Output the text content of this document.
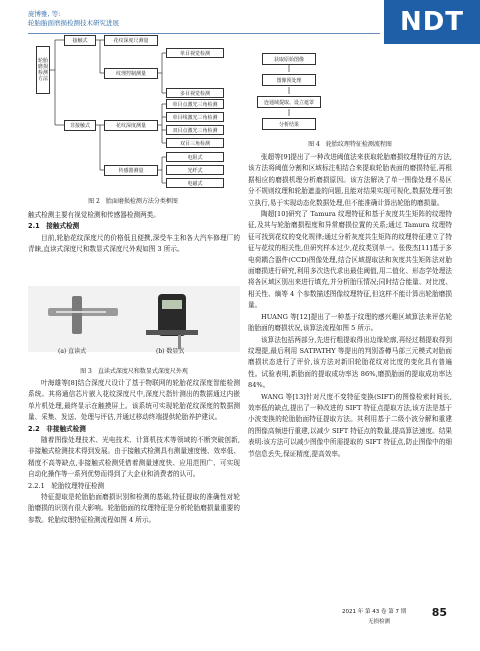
庞博雅, 等:
轮胎胎面磨损检测技术研究进展	NDT
轮胎磨损检测方法
接触式	花纹深度尺测量
纹理控制测量
非接触式	花纹深度测量
传感器测量
单目视觉检测
多目视觉检测
单目点激光三角检测
单目线激光三角检测
双目点激光三角检测
双目三角检测
电阻式
光纤式
电磁式
图 2　胎面磨损检测方法分类框图

触式检测主要有视觉检测和传感器检测两类。

2.1　接触式检测

目前,轮胎花纹深度尺的价格低且便携,深受车主和各大汽车修理厂的青睐,直读式深度尺和数显式深度尺外观如图 3 所示。

(a) 直读式	(b) 数显式
图 3　直读式深度尺和数显式深度尺外观

叶海雄等[8]结合深度尺设计了基于物联网的轮胎花纹深度智能检测系统。其将通信芯片嵌入花纹深度尺中,深度尺指针测出的数据通过内嵌单片机处理,最终显示在触摸屏上。该系统可实现轮胎花纹深度的数据测量、采集、发送、处理与评估,并通过移动终端提供轮胎养护建议。

2.2　非接触式检测

随着图像处理技术、光电技术、计算机技术等领域的不断突破创新,非接触式检测技术得到发展。由于接触式检测具有测量速度慢、效率低、精度不高等缺点,非接触式检测凭借着测量速度快、应用范围广、可实现自动化操作等一系列优势而得到了大企业和消费者的认可。

2.2.1　轮胎纹理特征检测

特征提取是轮胎胎面磨损识别和检测的基础,特征提取的准确性对轮胎磨损的识别有很大影响。轮胎胎面的纹理特征是分析轮胎磨损量重要的参数。轮胎纹理特征检测流程如图 4 所示。

获取原始图像
图像预处理
连通域提取、设立遮罩
分析结果
图 4　轮胎纹理特征检测流程图

张超等[9]提出了一种改进阈值法来获取轮胎磨损纹理特征的方法,该方法将阈值分割和区域标注相结合来提取轮胎表面的磨损特征,再根据相应的磨损机理分析磨损原因。该方法解决了单一图像处理不易区分不规则纹理和轮胎遮盖的问题,且能对结果实现可视化,数据处理可独立执行,易于实现动态化数据处理,但不能准确计算出轮胎的磨损量。

陶超[10]研究了 Tamura 纹理特征和基于灰度共生矩阵的纹理特征,及其与轮胎磨损程度和异常磨损位置的关系;通过 Tamura 纹理特征可找到花纹的变化规律;通过分析灰度共生矩阵的纹理特征建立了特征与花纹的相关性,但研究样本过少,花纹类别单一。张俊杰[11]基于多电荷耦合器件(CCD)图像处理,结合区域提取法和灰度共生矩阵法对胎面磨损进行研究,利用多次迭代求出最佳阈值,用二值化、形态学处理法将各区域区别出来进行填充,并分析胎压情况;同时结合能量、对比度、相关性、熵等 4 个参数描述图像纹理特征,但这样不能计算出轮胎磨损量。

HUANG 等[12]提出了一种基于纹理的感兴趣区域算法来评估轮胎胎面的磨损状况,该算法流程如图 5 所示。

该算法包括两部分,先进行粗提取得出边缘轮廓,再经过精提取得到纹理提,最后利用 SATPATHY 等提出的判别香樽马部三元模式对胎面磨损状态进行了评价,该方法对新旧轮胎花纹对比度的变化具有普遍性。试验表明,新胎面的提取成功率达 86%,磨损胎面的提取成功率达 84%。

WANG 等[13]针对尺度不变特征变换(SIFT)的图像检索时间长,效率低的缺点,提出了一种改进的 SIFT 特征点提取方法,该方法是基于小波变换的轮胎胎面特征提取方法。其利用基于二级小波分解和重建的图像高频进行重建,以减少 SIFT 特征点的数量,提高算法速度。结果表明:该方法可以减少图像中所需提取的 SIFT 特征点,防止图像中的细节信息丢失,保证精度,提高效率。

2021 年 第 43 卷 第 7 期
无损检测
85
